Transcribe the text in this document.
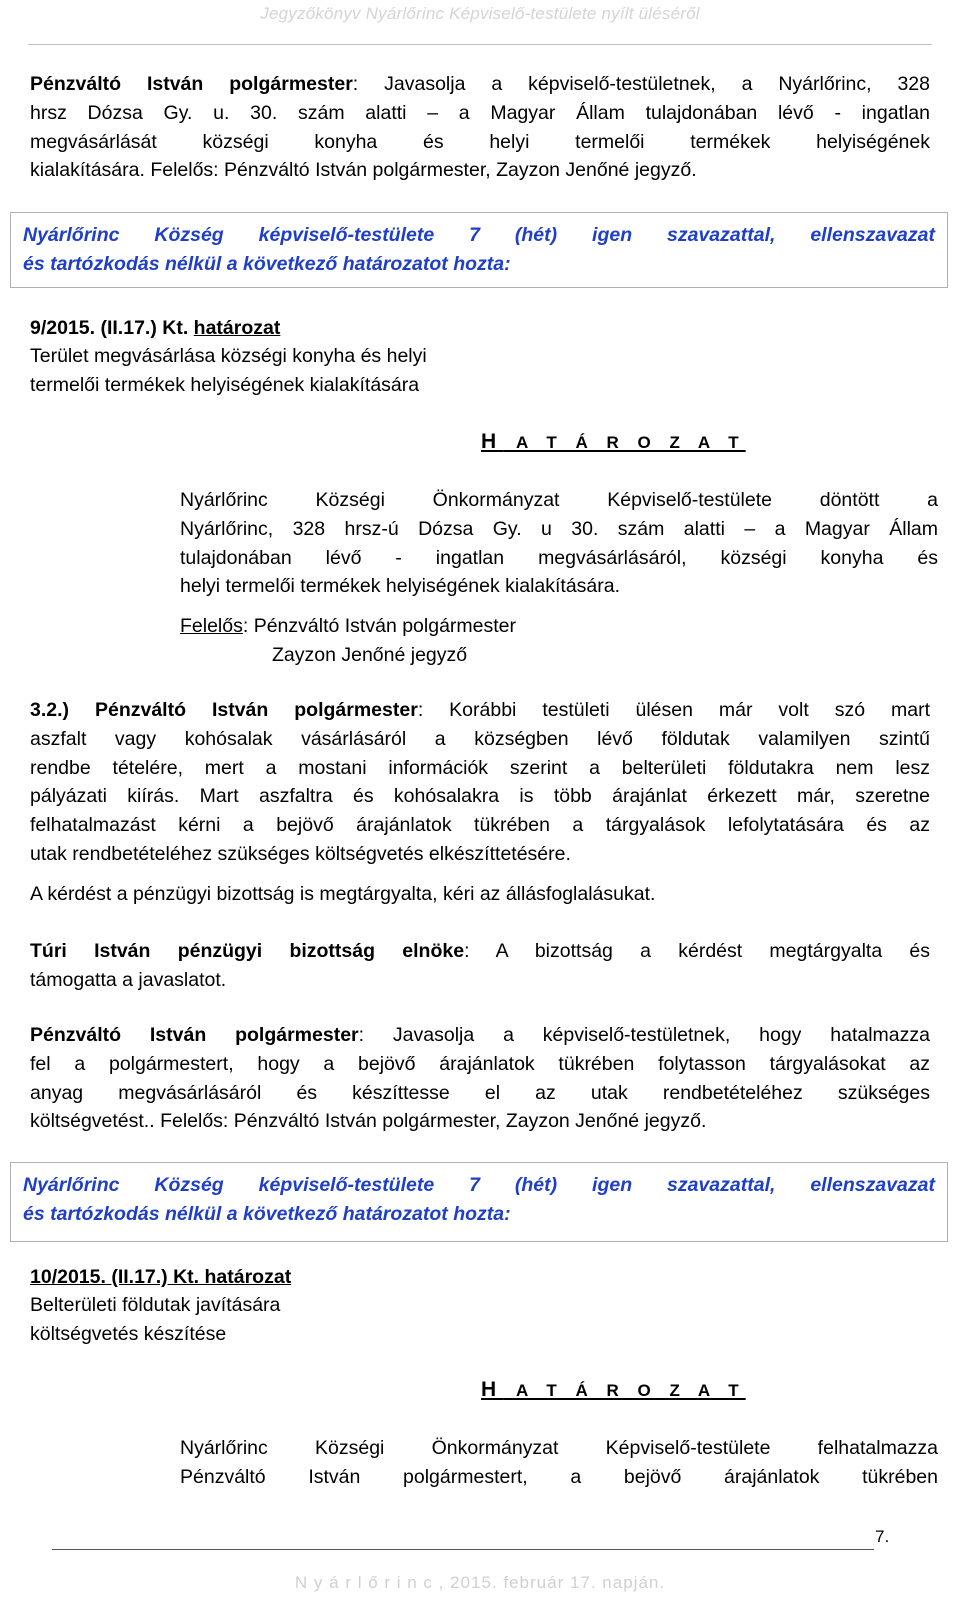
Jegyzőkönyv Nyárlőrinc Képviselő-testülete nyílt üléséről
Pénzváltó István polgármester: Javasolja a képviselő-testületnek, a Nyárlőrinc, 328
hrsz Dózsa Gy. u. 30. szám alatti – a Magyar Állam tulajdonában lévő - ingatlan
megvásárlását községi konyha és helyi termelői termékek helyiségének
kialakítására. Felelős: Pénzváltó István polgármester, Zayzon Jenőné jegyző.
Nyárlőrinc Község képviselő-testülete 7 (hét) igen szavazattal, ellenszavazat
és tartózkodás nélkül a következő határozatot hozta:
9/2015. (II.17.) Kt. határozat
Terület megvásárlása községi konyha és helyi
termelői termékek helyiségének kialakítására
H A T Á R O Z A T
Nyárlőrinc Községi Önkormányzat Képviselő-testülete döntött a
Nyárlőrinc, 328 hrsz-ú Dózsa Gy. u 30. szám alatti – a Magyar Állam
tulajdonában lévő - ingatlan megvásárlásáról, községi konyha és
helyi termelői termékek helyiségének kialakítására.
Felelős: Pénzváltó István polgármester
Zayzon Jenőné jegyző
3.2.) Pénzváltó István polgármester: Korábbi testületi ülésen már volt szó mart
aszfalt vagy kohósalak vásárlásáról a községben lévő földutak valamilyen szintű
rendbe tételére, mert a mostani információk szerint a belterületi földutakra nem lesz
pályázati kiírás. Mart aszfaltra és kohósalakra is több árajánlat érkezett már, szeretne
felhatalmazást kérni a bejövő árajánlatok tükrében a tárgyalások lefolytatására és az
utak rendbetételéhez szükséges költségvetés elkészíttetésére.
A kérdést a pénzügyi bizottság is megtárgyalta, kéri az állásfoglalásukat.
Túri István pénzügyi bizottság elnöke: A bizottság a kérdést megtárgyalta és
támogatta a javaslatot.
Pénzváltó István polgármester: Javasolja a képviselő-testületnek, hogy hatalmazza
fel a polgármestert, hogy a bejövő árajánlatok tükrében folytasson tárgyalásokat az
anyag megvásárlásáról és készíttesse el az utak rendbetételéhez szükséges
költségvetést.. Felelős: Pénzváltó István polgármester, Zayzon Jenőné jegyző.
Nyárlőrinc Község képviselő-testülete 7 (hét) igen szavazattal, ellenszavazat
és tartózkodás nélkül a következő határozatot hozta:
10/2015. (II.17.) Kt. határozat
Belterületi földutak javítására
költségvetés készítése
H A T Á R O Z A T
Nyárlőrinc Községi Önkormányzat Képviselő-testülete felhatalmazza
Pénzváltó István polgármestert, a bejövő árajánlatok tükrében
7.
N y á r l ő r i n c , 2015. február 17. napján.
